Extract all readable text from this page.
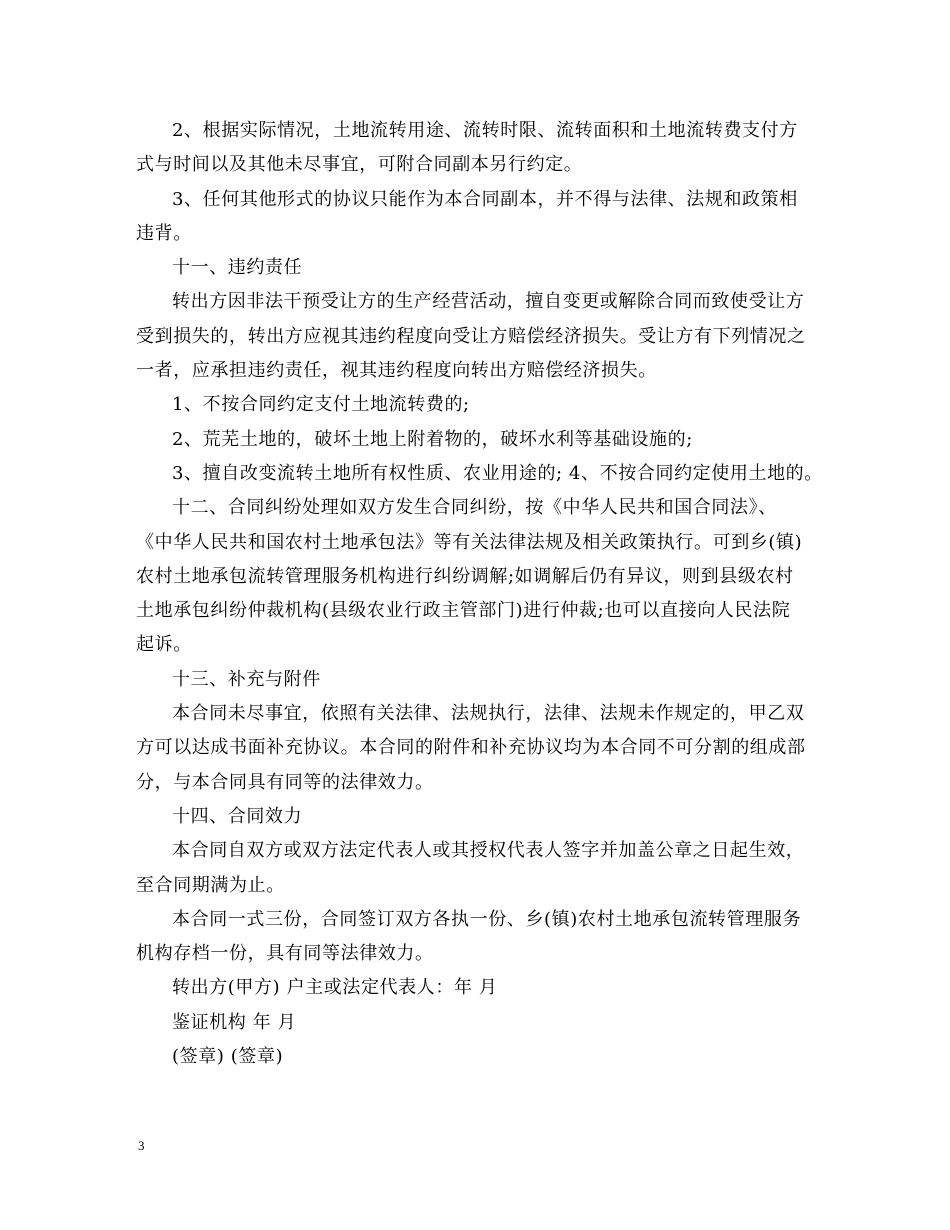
2、根据实际情况，土地流转用途、流转时限、流转面积和土地流转费支付方
式与时间以及其他未尽事宜，可附合同副本另行约定。
3、任何其他形式的协议只能作为本合同副本，并不得与法律、法规和政策相
违背。
十一、违约责任
转出方因非法干预受让方的生产经营活动，擅自变更或解除合同而致使受让方
受到损失的，转出方应视其违约程度向受让方赔偿经济损失。受让方有下列情况之
一者，应承担违约责任，视其违约程度向转出方赔偿经济损失。
1、不按合同约定支付土地流转费的;
2、荒芜土地的，破坏土地上附着物的，破坏水利等基础设施的;
3、擅自改变流转土地所有权性质、农业用途的; 4、不按合同约定使用土地的。
十二、合同纠纷处理如双方发生合同纠纷，按《中华人民共和国合同法》、
《中华人民共和国农村土地承包法》等有关法律法规及相关政策执行。可到乡(镇)
农村土地承包流转管理服务机构进行纠纷调解;如调解后仍有异议，则到县级农村
土地承包纠纷仲裁机构(县级农业行政主管部门)进行仲裁;也可以直接向人民法院
起诉。
十三、补充与附件
本合同未尽事宜，依照有关法律、法规执行，法律、法规未作规定的，甲乙双
方可以达成书面补充协议。本合同的附件和补充协议均为本合同不可分割的组成部
分，与本合同具有同等的法律效力。
十四、合同效力
本合同自双方或双方法定代表人或其授权代表人签字并加盖公章之日起生效，
至合同期满为止。
本合同一式三份，合同签订双方各执一份、乡(镇)农村土地承包流转管理服务
机构存档一份，具有同等法律效力。
转出方(甲方) 户主或法定代表人：年 月
鉴证机构 年 月
(签章) (签章)
3
